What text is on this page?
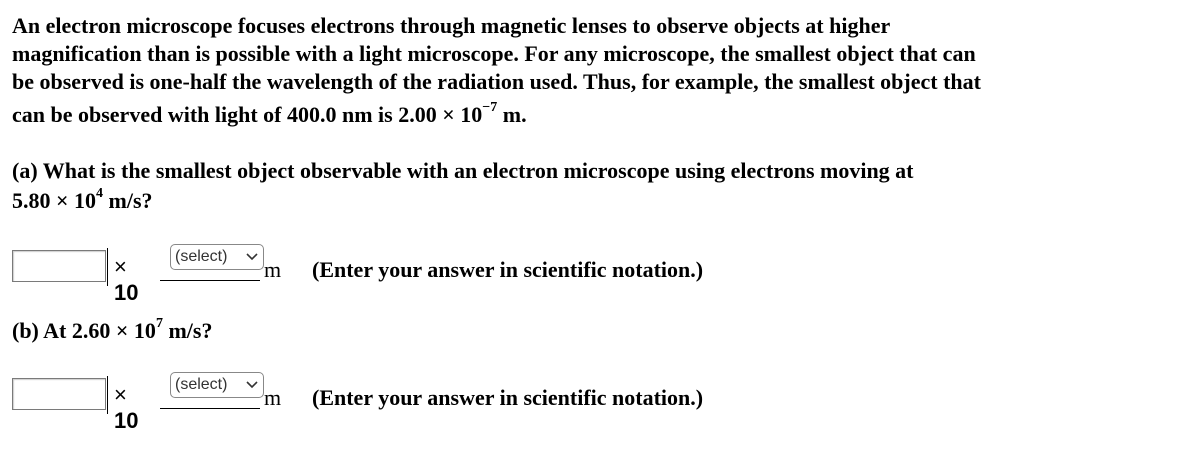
An electron microscope focuses electrons through magnetic lenses to observe objects at higher
magnification than is possible with a light microscope. For any microscope, the smallest object that can
be observed is one-half the wavelength of the radiation used. Thus, for example, the smallest object that
can be observed with light of 400.0 nm is $2.00 \times 10^{-7}$ m.
(a) What is the smallest object observable with an electron microscope using electrons moving at
$5.80 \times 10^4$ m/s?
× 10
(select)
m (Enter your answer in scientific notation.)
(b) At $2.60 \times 10^7$ m/s?
× 10
(select)
m (Enter your answer in scientific notation.)
